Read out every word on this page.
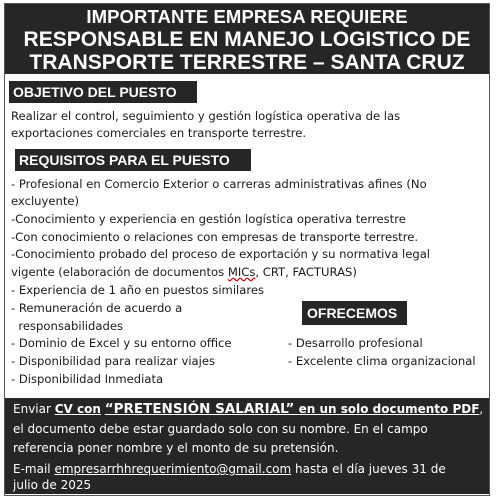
IMPORTANTE EMPRESA REQUIERE
RESPONSABLE EN MANEJO LOGISTICO DE
TRANSPORTE TERRESTRE – SANTA CRUZ
OBJETIVO DEL PUESTO
Realizar el control, seguimiento y gestión logística operativa de las
exportaciones comerciales en transporte terrestre.
REQUISITOS PARA EL PUESTO
- Profesional en Comercio Exterior o carreras administrativas afines (No
excluyente)
-Conocimiento y experiencia en gestión logística operativa terrestre
-Con conocimiento o relaciones con empresas de transporte terrestre.
-Conocimiento probado del proceso de exportación y su normativa legal
vigente (elaboración de documentos MICs, CRT, FACTURAS)
- Experiencia de 1 año en puestos similares
- Remuneración de acuerdo a
responsabilidades
- Dominio de Excel y su entorno office
- Disponibilidad para realizar viajes
- Disponibilidad Inmediata
OFRECEMOS
- Desarrollo profesional
- Excelente clima organizacional
Enviar CV con “PRETENSIÓN SALARIAL” en un solo documento PDF,
el documento debe estar guardado solo con su nombre. En el campo
referencia poner nombre y el monto de su pretensión.
E-mail empresarrhhrequerimiento@gmail.com hasta el día jueves 31 de
julio de 2025
